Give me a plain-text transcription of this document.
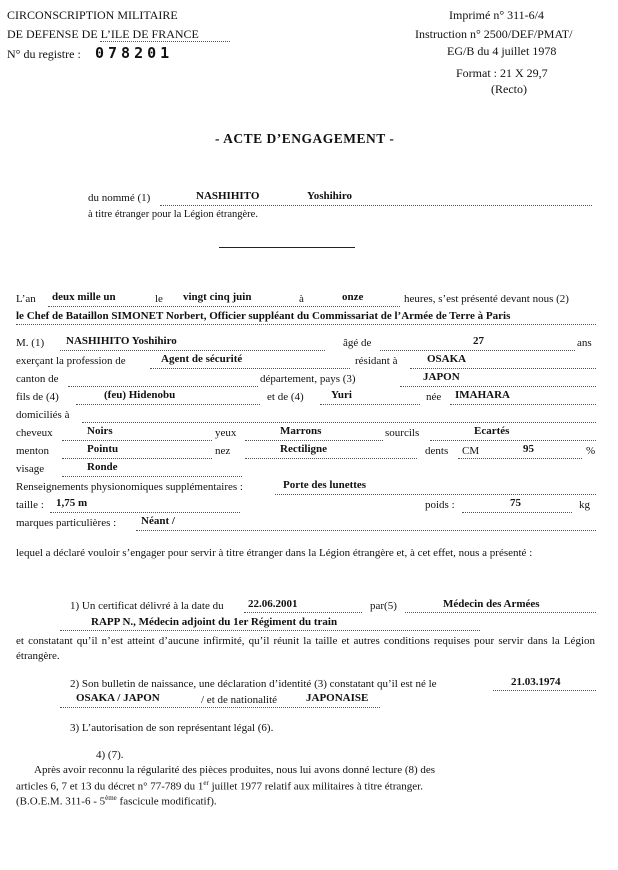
CIRCONSCRIPTION MILITAIRE
DE DEFENSE DE L’ILE DE FRANCE
N° du registre : 078201
Imprimé n° 311-6/4
Instruction n° 2500/DEF/PMAT/
EG/B du 4 juillet 1978
Format : 21 X 29,7
(Recto)
- ACTE D’ENGAGEMENT -
du nommé (1)	NASHIHITO	Yoshihiro
à titre étranger pour la Légion étrangère.
L’an deux mille un	le vingt cinq juin	à	onze	heures, s’est présenté devant nous (2)
le Chef de Bataillon SIMONET Norbert, Officier suppléant du Commissariat de l’Armée de Terre à Paris
M. (1) NASHIHITO Yoshihiro	âgé de	27	ans
exerçant la profession de	Agent de sécurité	résidant à	OSAKA
canton de	département, pays (3)	JAPON
fils de (4)	(feu) Hidenobu	et de (4) Yuri	née IMAHARA
domiciliés à
cheveux	Noirs	yeux	Marrons	sourcils	Ecartés
menton	Pointu	nez	Rectiligne	dents CM	95	%
visage	Ronde
Renseignements physionomiques supplémentaires :	Porte des lunettes
taille : 1,75 m	poids :	75	kg
marques particulières : Néant /
lequel a déclaré vouloir s’engager pour servir à titre étranger dans la Légion étrangère et, à cet effet, nous a présenté :
1) Un certificat délivré à la date du 22.06.2001	par(5)	Médecin des Armées
RAPP N., Médecin adjoint du 1er Régiment du train
et constatant qu’il n’est atteint d’aucune infirmité, qu’il réunit la taille et autres conditions requises pour servir dans la Légion étrangère.
2) Son bulletin de naissance, une déclaration d’identité (3) constatant qu’il est né le	21.03.1974
OSAKA / JAPON	/ et de nationalité	JAPONAISE
3) L’autorisation de son représentant légal (6).
4) (7).
Après avoir reconnu la régularité des pièces produites, nous lui avons donné lecture (8) des
articles 6, 7 et 13 du décret n° 77-789 du 1er juillet 1977 relatif aux militaires à titre étranger.
(B.O.E.M. 311-6 - 5ème fascicule modificatif).
